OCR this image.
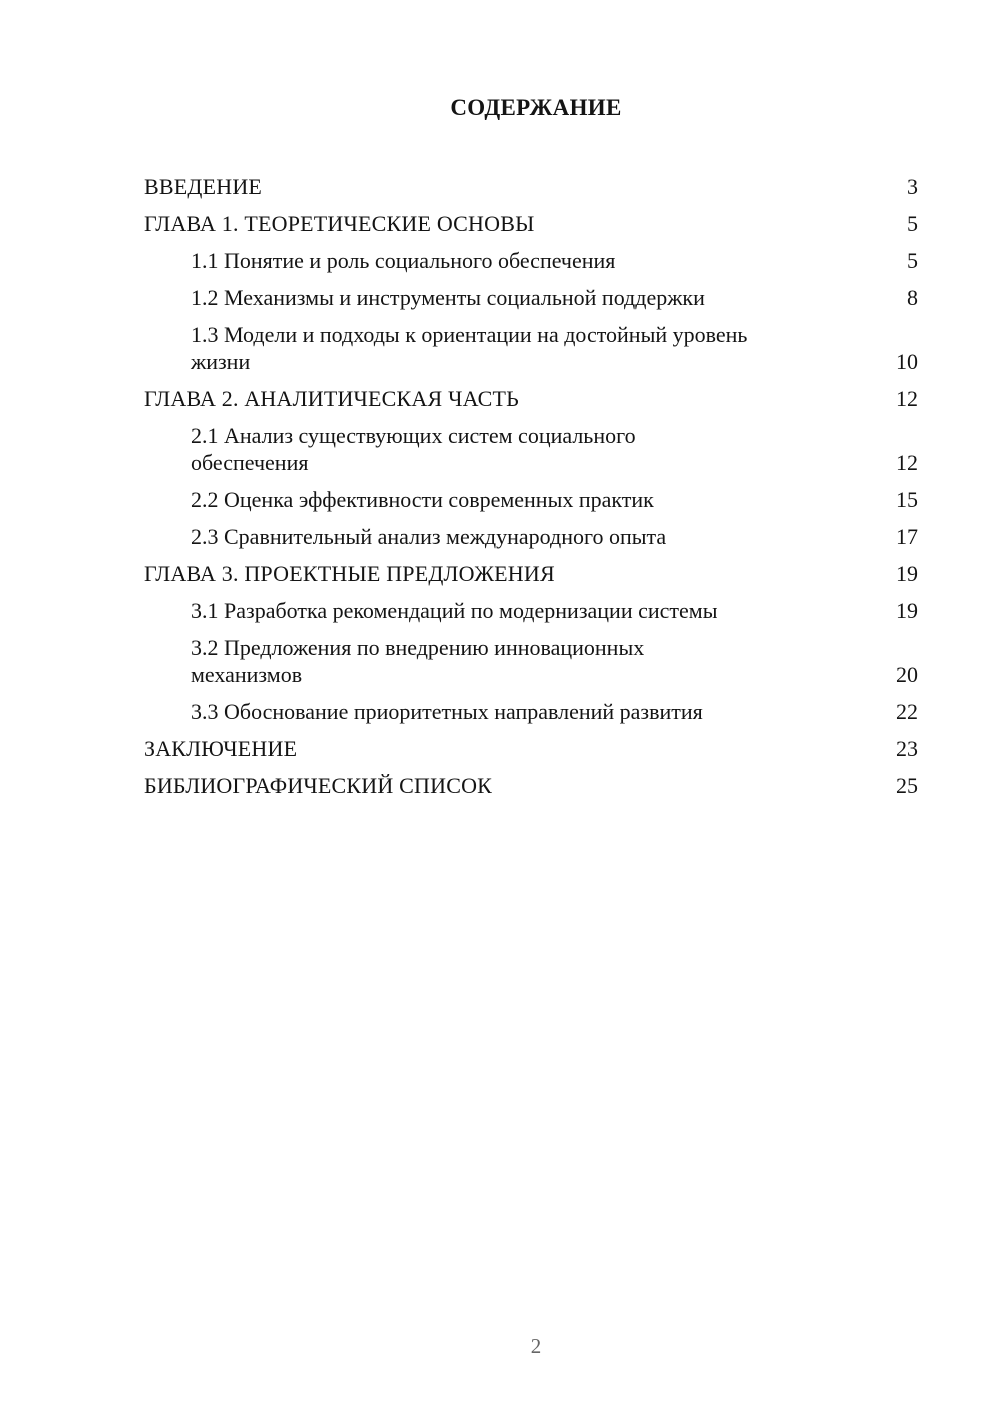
СОДЕРЖАНИЕ
ВВЕДЕНИЕ	3
ГЛАВА 1. ТЕОРЕТИЧЕСКИЕ ОСНОВЫ	5
1.1 Понятие и роль социального обеспечения	5
1.2 Механизмы и инструменты социальной поддержки	8
1.3 Модели и подходы к ориентации на достойный уровень жизни	10
ГЛАВА 2. АНАЛИТИЧЕСКАЯ ЧАСТЬ	12
2.1 Анализ существующих систем социального обеспечения	12
2.2 Оценка эффективности современных практик	15
2.3 Сравнительный анализ международного опыта	17
ГЛАВА 3. ПРОЕКТНЫЕ ПРЕДЛОЖЕНИЯ	19
3.1 Разработка рекомендаций по модернизации системы	19
3.2 Предложения по внедрению инновационных механизмов	20
3.3 Обоснование приоритетных направлений развития	22
ЗАКЛЮЧЕНИЕ	23
БИБЛИОГРАФИЧЕСКИЙ СПИСОК	25
2
